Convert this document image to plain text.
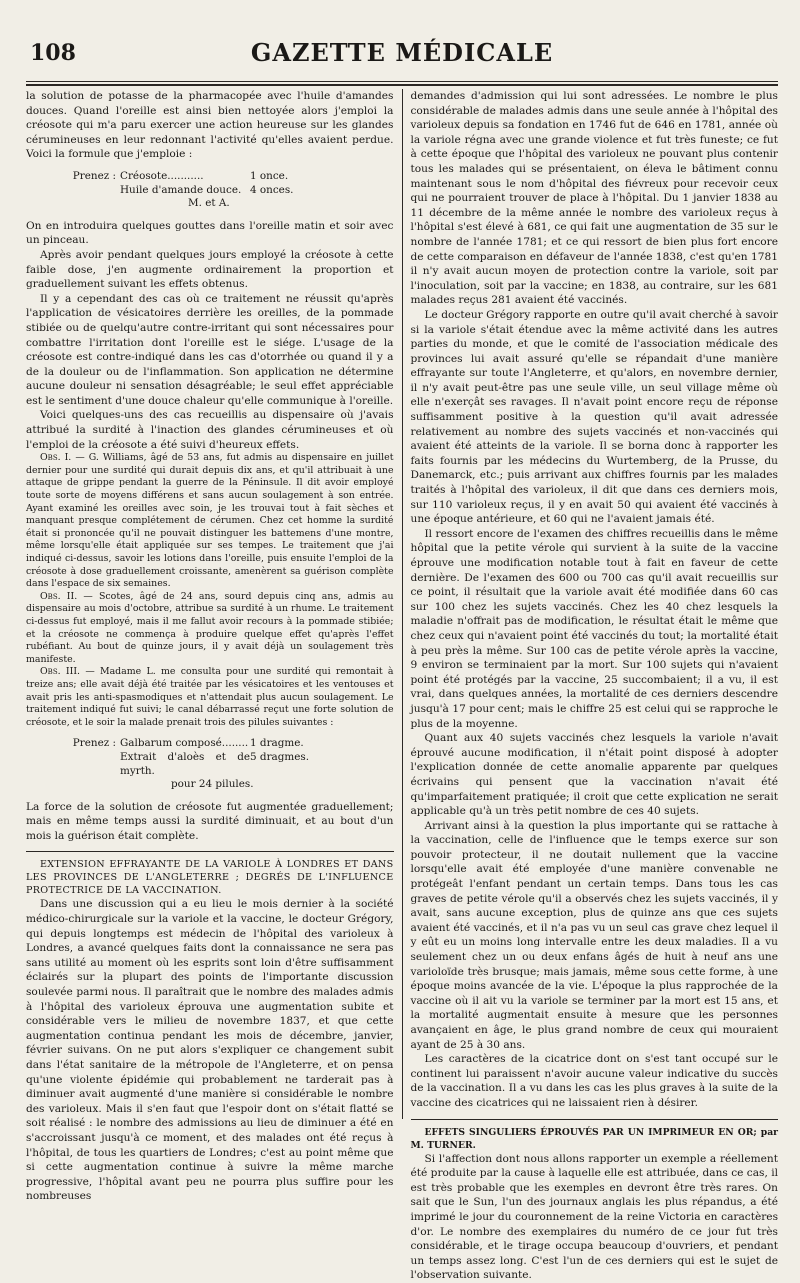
108	GAZETTE MÉDICALE

la solution de potasse de la pharmacopée avec l'huile d'amandes douces. Quand l'oreille est ainsi bien nettoyée alors j'emploi la créosote qui m'a paru exercer une action heureuse sur les glandes cérumineuses en leur redonnant l'activité qu'elles avaient perdue. Voici la formule que j'emploie :

Prenez : Créosote...........	1 once.
Huile d'amande douce. 4 onces.
M. et A.

On en introduira quelques gouttes dans l'oreille matin et soir avec un pinceau.

Après avoir pendant quelques jours employé la créosote à cette faible dose, j'en augmente ordinairement la proportion et graduellement suivant les effets obtenus.

Il y a cependant des cas où ce traitement ne réussit qu'après l'application de vésicatoires derrière les oreilles, de la pommade stibiée ou de quelqu'autre contre-irritant qui sont nécessaires pour combattre l'irritation dont l'oreille est le siége. L'usage de la créosote est contre-indiqué dans les cas d'otorrhée ou quand il y a de la douleur ou de l'inflammation. Son application ne détermine aucune douleur ni sensation désagréable; le seul effet appréciable est le sentiment d'une douce chaleur qu'elle communique à l'oreille.

Voici quelques-uns des cas recueillis au dispensaire où j'avais attribué la surdité à l'inaction des glandes cérumineuses et où l'emploi de la créosote a été suivi d'heureux effets.

Obs. I. — G. Williams, âgé de 53 ans, fut admis au dispensaire en juillet dernier pour une surdité qui durait depuis dix ans, et qu'il attribuait à une attaque de grippe pendant la guerre de la Péninsule. Il dit avoir employé toute sorte de moyens différens et sans aucun soulagement à son entrée. Ayant examiné les oreilles avec soin, je les trouvai tout à fait sèches et manquant presque complétement de cérumen. Chez cet homme la surdité était si prononcée qu'il ne pouvait distinguer les battemens d'une montre, même lorsqu'elle était appliquée sur ses tempes. Le traitement que j'ai indiqué ci-dessus, savoir les lotions dans l'oreille, puis ensuite l'emploi de la créosote à dose graduellement croissante, amenèrent sa guérison complète dans l'espace de six semaines.

Obs. II. — Scotes, âgé de 24 ans, sourd depuis cinq ans, admis au dispensaire au mois d'octobre, attribue sa surdité à un rhume. Le traitement ci-dessus fut employé, mais il me fallut avoir recours à la pommade stibiée; et la créosote ne commença à produire quelque effet qu'après l'effet rubéfiant. Au bout de quinze jours, il y avait déjà un soulagement très manifeste.

Obs. III. — Madame L. me consulta pour une surdité qui remontait à treize ans; elle avait déjà été traitée par les vésicatoires et les ventouses et avait pris les anti-spasmodiques et n'attendait plus aucun soulagement. Le traitement indiqué fut suivi; le canal débarrassé reçut une forte solution de créosote, et le soir la malade prenait trois des pilules suivantes :

Prenez : Galbarum composé........ 1 dragme.
Extrait d'aloès et de myrth.
5 dragmes.
pour 24 pilules.

La force de la solution de créosote fut augmentée graduellement; mais en même temps aussi la surdité diminuait, et au bout d'un mois la guérison était complète.

EXTENSION EFFRAYANTE DE LA VARIOLE À LONDRES ET DANS LES PROVINCES DE L'ANGLETERRE ; DEGRÉS DE L'INFLUENCE PROTECTRICE DE LA VACCINATION.

Dans une discussion qui a eu lieu le mois dernier à la société médico-chirurgicale sur la variole et la vaccine, le docteur Grégory, qui depuis longtemps est médecin de l'hôpital des varioleux à Londres, a avancé quelques faits dont la connaissance ne sera pas sans utilité au moment où les esprits sont loin d'être suffisamment éclairés sur la plupart des points de l'importante discussion soulevée parmi nous. Il paraîtrait que le nombre des malades admis à l'hôpital des varioleux éprouva une augmentation subite et considérable vers le milieu de novembre 1837, et que cette augmentation continua pendant les mois de décembre, janvier, février suivans. On ne put alors s'expliquer ce changement subit dans l'état sanitaire de la métropole de l'Angleterre, et on pensa qu'une violente épidémie qui probablement ne tarderait pas à diminuer avait augmenté d'une manière si considérable le nombre des varioleux. Mais il s'en faut que l'espoir dont on s'était flatté se soit réalisé : le nombre des admissions au lieu de diminuer a été en s'accroissant jusqu'à ce moment, et des malades ont été reçus à l'hôpital, de tous les quartiers de Londres; c'est au point même que si cette augmentation continue à suivre la même marche progressive, l'hôpital avant peu ne pourra plus suffire pour les nombreuses

demandes d'admission qui lui sont adressées. Le nombre le plus considérable de malades admis dans une seule année à l'hôpital des varioleux depuis sa fondation en 1746 fut de 646 en 1781, année où la variole régna avec une grande violence et fut très funeste; ce fut à cette époque que l'hôpital des varioleux ne pouvant plus contenir tous les malades qui se présentaient, on éleva le bâtiment connu maintenant sous le nom d'hôpital des fiévreux pour recevoir ceux qui ne pourraient trouver de place à l'hôpital. Du 1 janvier 1838 au 11 décembre de la même année le nombre des varioleux reçus à l'hôpital s'est élevé à 681, ce qui fait une augmentation de 35 sur le nombre de l'année 1781; et ce qui ressort de bien plus fort encore de cette comparaison en défaveur de l'année 1838, c'est qu'en 1781 il n'y avait aucun moyen de protection contre la variole, soit par l'inoculation, soit par la vaccine; en 1838, au contraire, sur les 681 malades reçus 281 avaient été vaccinés.

Le docteur Grégory rapporte en outre qu'il avait cherché à savoir si la variole s'était étendue avec la même activité dans les autres parties du monde, et que le comité de l'association médicale des provinces lui avait assuré qu'elle se répandait d'une manière effrayante sur toute l'Angleterre, et qu'alors, en novembre dernier, il n'y avait peut-être pas une seule ville, un seul village même où elle n'exerçât ses ravages. Il n'avait point encore reçu de réponse suffisamment positive à la question qu'il avait adressée relativement au nombre des sujets vaccinés et non-vaccinés qui avaient été atteints de la variole. Il se borna donc à rapporter les faits fournis par les médecins du Wurtemberg, de la Prusse, du Danemarck, etc.; puis arrivant aux chiffres fournis par les malades traités à l'hôpital des varioleux, il dit que dans ces derniers mois, sur 110 varioleux reçus, il y en avait 50 qui avaient été vaccinés à une époque antérieure, et 60 qui ne l'avaient jamais été.

Il ressort encore de l'examen des chiffres recueillis dans le même hôpital que la petite vérole qui survient à la suite de la vaccine éprouve une modification notable tout à fait en faveur de cette dernière. De l'examen des 600 ou 700 cas qu'il avait recueillis sur ce point, il résultait que la variole avait été modifiée dans 60 cas sur 100 chez les sujets vaccinés. Chez les 40 chez lesquels la maladie n'offrait pas de modification, le résultat était le même que chez ceux qui n'avaient point été vaccinés du tout; la mortalité était à peu près la même. Sur 100 cas de petite vérole après la vaccine, 9 environ se terminaient par la mort. Sur 100 sujets qui n'avaient point été protégés par la vaccine, 25 succombaient; il a vu, il est vrai, dans quelques années, la mortalité de ces derniers descendre jusqu'à 17 pour cent; mais le chiffre 25 est celui qui se rapproche le plus de la moyenne.

Quant aux 40 sujets vaccinés chez lesquels la variole n'avait éprouvé aucune modification, il n'était point disposé à adopter l'explication donnée de cette anomalie apparente par quelques écrivains qui pensent que la vaccination n'avait été qu'imparfaitement pratiquée; il croit que cette explication ne serait applicable qu'à un très petit nombre de ces 40 sujets.

Arrivant ainsi à la question la plus importante qui se rattache à la vaccination, celle de l'influence que le temps exerce sur son pouvoir protecteur, il ne doutait nullement que la vaccine lorsqu'elle avait été employée d'une manière convenable ne protégeât l'enfant pendant un certain temps. Dans tous les cas graves de petite vérole qu'il a observés chez les sujets vaccinés, il y avait, sans aucune exception, plus de quinze ans que ces sujets avaient été vaccinés, et il n'a pas vu un seul cas grave chez lequel il y eût eu un moins long intervalle entre les deux maladies. Il a vu seulement chez un ou deux enfans âgés de huit à neuf ans une varioloïde très brusque; mais jamais, même sous cette forme, à une époque moins avancée de la vie. L'époque la plus rapprochée de la vaccine où il ait vu la variole se terminer par la mort est 15 ans, et la mortalité augmentait ensuite à mesure que les personnes avançaient en âge, le plus grand nombre de ceux qui mouraient ayant de 25 à 30 ans.

Les caractères de la cicatrice dont on s'est tant occupé sur le continent lui paraissent n'avoir aucune valeur indicative du succès de la vaccination. Il a vu dans les cas les plus graves à la suite de la vaccine des cicatrices qui ne laissaient rien à désirer.

EFFETS SINGULIERS ÉPROUVÉS PAR UN IMPRIMEUR EN OR; par M. TURNER.

Si l'affection dont nous allons rapporter un exemple a réellement été produite par la cause à laquelle elle est attribuée, dans ce cas, il est très probable que les exemples en devront être très rares. On sait que le Sun, l'un des journaux anglais les plus répandus, a été imprimé le jour du couronnement de la reine Victoria en caractères d'or. Le nombre des exemplaires du numéro de ce jour fut très considérable, et le tirage occupa beaucoup d'ouvriers, et pendant un temps assez long. C'est l'un de ces derniers qui est le sujet de l'observation suivante.
